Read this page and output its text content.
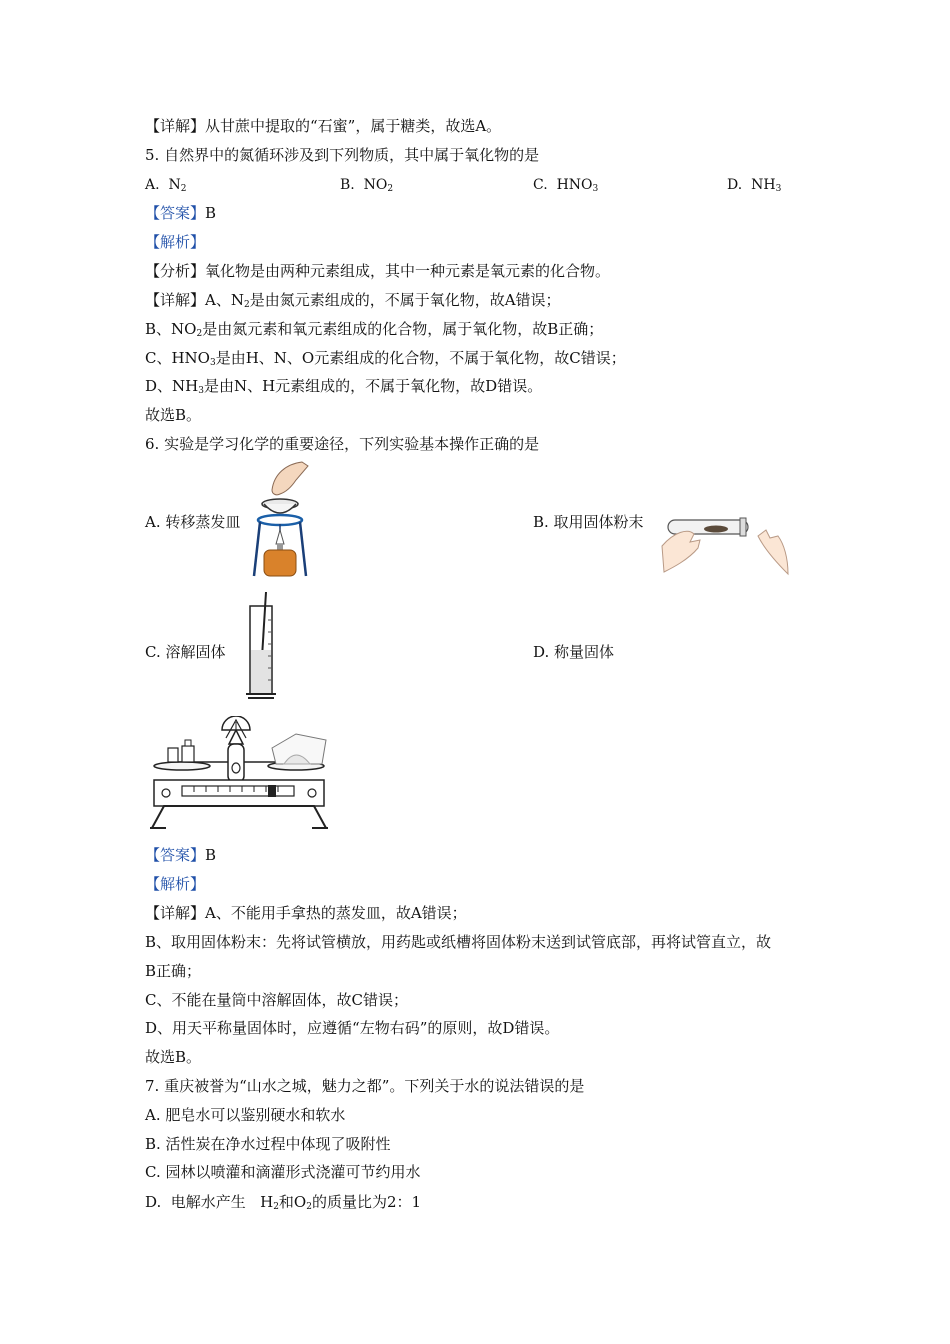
【详解】从甘蔗中提取的“石蜜”，属于糖类，故选A。
5. 自然界中的氮循环涉及到下列物质，其中属于氧化物的是
A. $N_2$	B. $NO_2$	C. $HNO_3$	D. $NH_3$
【答案】B
【解析】
【分析】氧化物是由两种元素组成，其中一种元素是氧元素的化合物。
【详解】A、$N_2$是由氮元素组成的，不属于氧化物，故A错误；
B、$NO_2$是由氮元素和氧元素组成的化合物，属于氧化物，故B正确；
C、$HNO_3$是由H、N、O元素组成的化合物，不属于氧化物，故C错误；
D、$NH_3$是由N、H元素组成的，不属于氧化物，故D错误。
故选B。
6. 实验是学习化学的重要途径，下列实验基本操作正确的是
A. 转移蒸发皿	B. 取用固体粉末
C. 溶解固体	D. 称量固体
【答案】B
【解析】
【详解】A、不能用手拿热的蒸发皿，故A错误；
B、取用固体粉末：先将试管横放，用药匙或纸槽将固体粉末送到试管底部，再将试管直立，故
B正确；
C、不能在量筒中溶解固体，故C错误；
D、用天平称量固体时，应遵循“左物右码”的原则，故D错误。
故选B。
7. 重庆被誉为“山水之城，魅力之都”。下列关于水的说法错误的是
A. 肥皂水可以鉴别硬水和软水
B. 活性炭在净水过程中体现了吸附性
C. 园林以喷灌和滴灌形式浇灌可节约用水
D.  电解水产生   $H_2$和$O_2$的质量比为2：1
